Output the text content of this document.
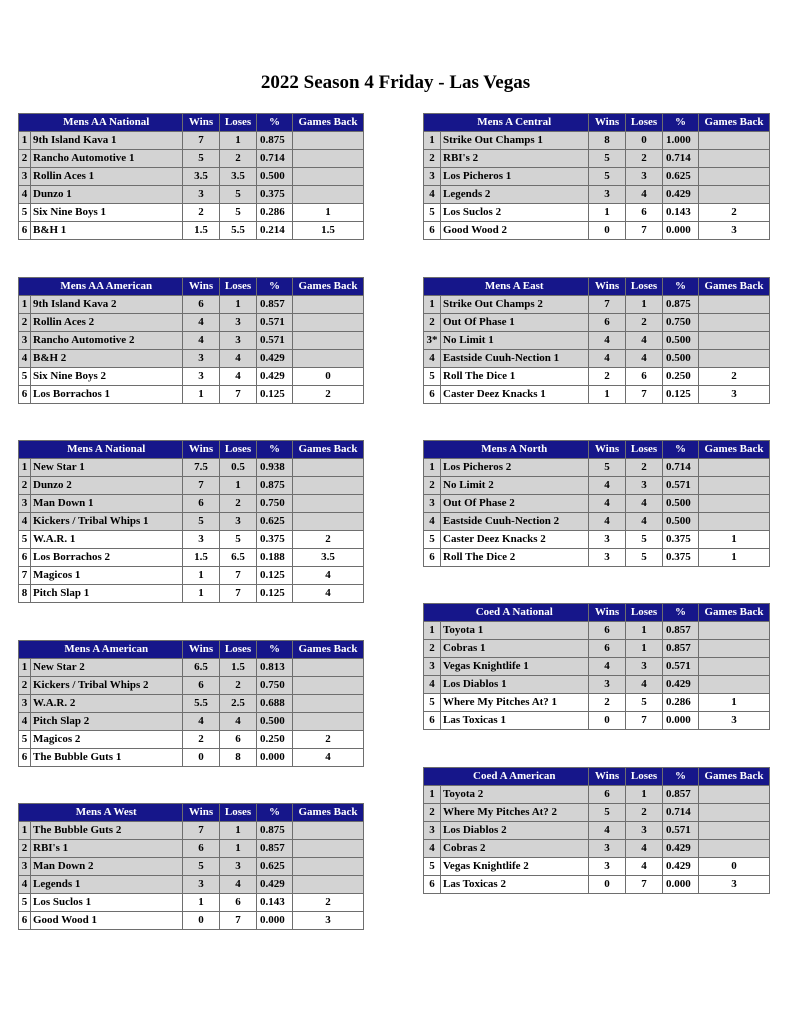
2022 Season 4 Friday - Las Vegas
	Mens AA National	Wins	Loses	%	Games Back
1	9th Island Kava 1	7	1	0.875	
2	Rancho Automotive 1	5	2	0.714	
3	Rollin Aces 1	3.5	3.5	0.500	
4	Dunzo 1	3	5	0.375	
5	Six Nine Boys 1	2	5	0.286	1
6	B&H 1	1.5	5.5	0.214	1.5
	Mens A Central	Wins	Loses	%	Games Back
1	Strike Out Champs 1	8	0	1.000	
2	RBI's 2	5	2	0.714	
3	Los Picheros 1	5	3	0.625	
4	Legends 2	3	4	0.429	
5	Los Suclos 2	1	6	0.143	2
6	Good Wood 2	0	7	0.000	3
	Mens AA American	Wins	Loses	%	Games Back
1	9th Island Kava 2	6	1	0.857	
2	Rollin Aces 2	4	3	0.571	
3	Rancho Automotive 2	4	3	0.571	
4	B&H 2	3	4	0.429	
5	Six Nine Boys 2	3	4	0.429	0
6	Los Borrachos 1	1	7	0.125	2
	Mens A East	Wins	Loses	%	Games Back
1	Strike Out Champs 2	7	1	0.875	
2	Out Of Phase 1	6	2	0.750	
3*	No Limit 1	4	4	0.500	
4	Eastside Cuuh-Nection 1	4	4	0.500	
5	Roll The Dice 1	2	6	0.250	2
6	Caster Deez Knacks 1	1	7	0.125	3
	Mens A National	Wins	Loses	%	Games Back
1	New Star 1	7.5	0.5	0.938	
2	Dunzo 2	7	1	0.875	
3	Man Down 1	6	2	0.750	
4	Kickers / Tribal Whips 1	5	3	0.625	
5	W.A.R. 1	3	5	0.375	2
6	Los Borrachos 2	1.5	6.5	0.188	3.5
7	Magicos 1	1	7	0.125	4
8	Pitch Slap 1	1	7	0.125	4
	Mens A North	Wins	Loses	%	Games Back
1	Los Picheros 2	5	2	0.714	
2	No Limit 2	4	3	0.571	
3	Out Of Phase 2	4	4	0.500	
4	Eastside Cuuh-Nection 2	4	4	0.500	
5	Caster Deez Knacks 2	3	5	0.375	1
6	Roll The Dice 2	3	5	0.375	1
	Coed A National	Wins	Loses	%	Games Back
1	Toyota 1	6	1	0.857	
2	Cobras 1	6	1	0.857	
3	Vegas Knightlife 1	4	3	0.571	
4	Los Diablos 1	3	4	0.429	
5	Where My Pitches At? 1	2	5	0.286	1
6	Las Toxicas 1	0	7	0.000	3
	Mens A American	Wins	Loses	%	Games Back
1	New Star 2	6.5	1.5	0.813	
2	Kickers / Tribal Whips 2	6	2	0.750	
3	W.A.R. 2	5.5	2.5	0.688	
4	Pitch Slap 2	4	4	0.500	
5	Magicos 2	2	6	0.250	2
6	The Bubble Guts 1	0	8	0.000	4
	Coed A American	Wins	Loses	%	Games Back
1	Toyota 2	6	1	0.857	
2	Where My Pitches At? 2	5	2	0.714	
3	Los Diablos 2	4	3	0.571	
4	Cobras 2	3	4	0.429	
5	Vegas Knightlife 2	3	4	0.429	0
6	Las Toxicas 2	0	7	0.000	3
	Mens A West	Wins	Loses	%	Games Back
1	The Bubble Guts 2	7	1	0.875	
2	RBI's 1	6	1	0.857	
3	Man Down 2	5	3	0.625	
4	Legends 1	3	4	0.429	
5	Los Suclos 1	1	6	0.143	2
6	Good Wood 1	0	7	0.000	3
